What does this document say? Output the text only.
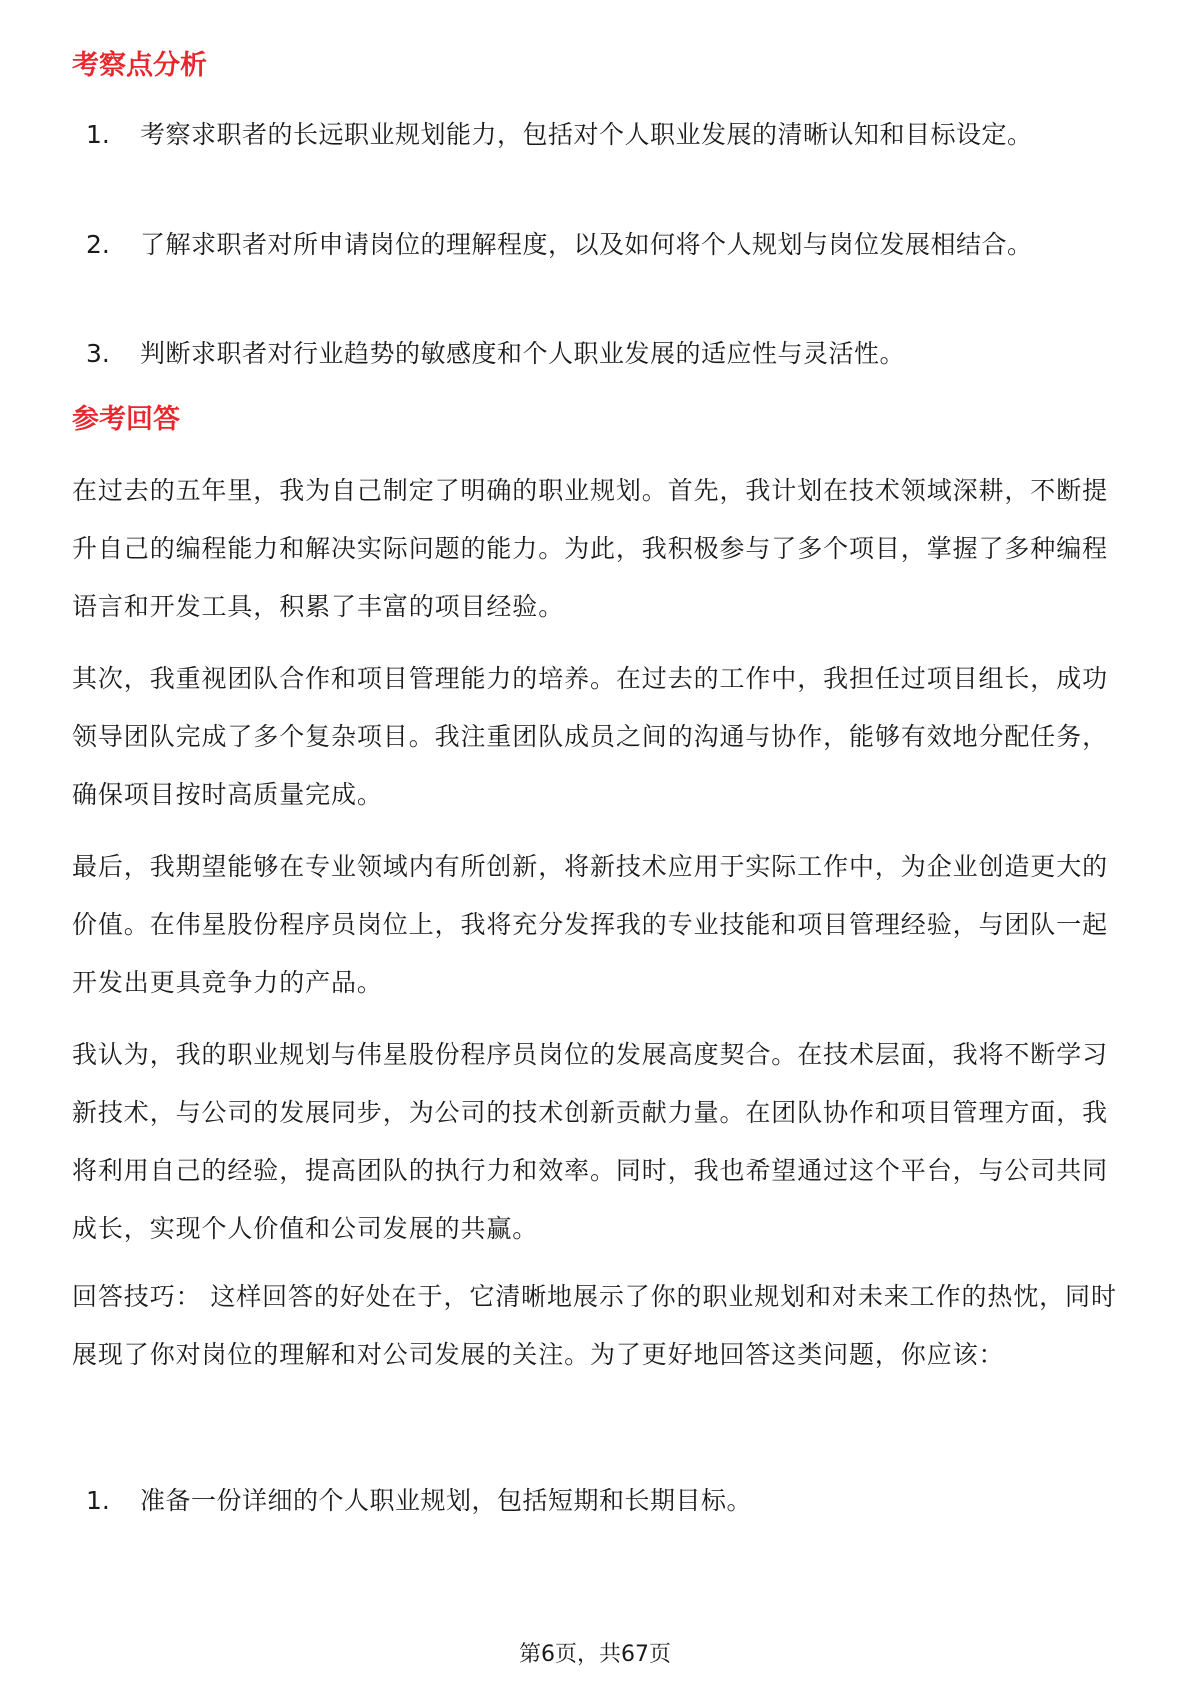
考察点分析
1.	考察求职者的长远职业规划能力，包括对个人职业发展的清晰认知和目标设定。
2.	了解求职者对所申请岗位的理解程度，以及如何将个人规划与岗位发展相结合。
3.	判断求职者对行业趋势的敏感度和个人职业发展的适应性与灵活性。
参考回答
在过去的五年里，我为自己制定了明确的职业规划。首先，我计划在技术领域深耕，不断提升自己的编程能力和解决实际问题的能力。为此，我积极参与了多个项目，掌握了多种编程语言和开发工具，积累了丰富的项目经验。
其次，我重视团队合作和项目管理能力的培养。在过去的工作中，我担任过项目组长，成功领导团队完成了多个复杂项目。我注重团队成员之间的沟通与协作，能够有效地分配任务，确保项目按时高质量完成。
最后，我期望能够在专业领域内有所创新，将新技术应用于实际工作中，为企业创造更大的价值。在伟星股份程序员岗位上，我将充分发挥我的专业技能和项目管理经验，与团队一起开发出更具竞争力的产品。
我认为，我的职业规划与伟星股份程序员岗位的发展高度契合。在技术层面，我将不断学习新技术，与公司的发展同步，为公司的技术创新贡献力量。在团队协作和项目管理方面，我将利用自己的经验，提高团队的执行力和效率。同时，我也希望通过这个平台，与公司共同成长，实现个人价值和公司发展的共赢。
回答技巧： 这样回答的好处在于，它清晰地展示了你的职业规划和对未来工作的热忱，同时展现了你对岗位的理解和对公司发展的关注。为了更好地回答这类问题，你应该：
1.	准备一份详细的个人职业规划，包括短期和长期目标。
第6页，共67页
